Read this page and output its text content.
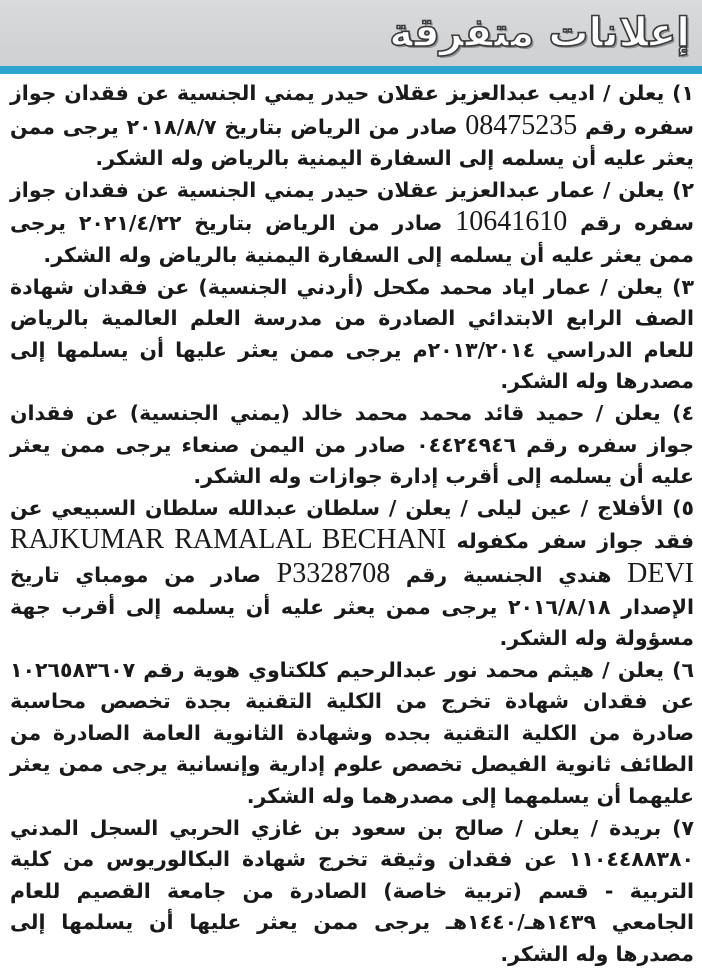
إعلانات متفرقة

١) يعلن / اديب عبدالعزيز عقلان حيدر يمني الجنسية عن فقدان جواز سفره رقم 08475235 صادر من الرياض بتاريخ ٢٠١٨/٨/٧ يرجى ممن يعثر عليه أن يسلمه إلى السفارة اليمنية بالرياض وله الشكر.

٢) يعلن / عمار عبدالعزيز عقلان حيدر يمني الجنسية عن فقدان جواز سفره رقم 10641610 صادر من الرياض بتاريخ ٢٠٢١/٤/٢٢ يرجى ممن يعثر عليه أن يسلمه إلى السفارة اليمنية بالرياض وله الشكر.

٣) يعلن / عمار اياد محمد مكحل (أردني الجنسية) عن فقدان شهادة الصف الرابع الابتدائي الصادرة من مدرسة العلم العالمية بالرياض للعام الدراسي ٢٠١٣/٢٠١٤م يرجى ممن يعثر عليها أن يسلمها إلى مصدرها وله الشكر.

٤) يعلن / حميد قائد محمد محمد خالد (يمني الجنسية) عن فقدان جواز سفره رقم ٠٤٤٢٤٩٤٦ صادر من اليمن صنعاء يرجى ممن يعثر عليه أن يسلمه إلى أقرب إدارة جوازات وله الشكر.

٥) الأفلاج / عين ليلى / يعلن / سلطان عبدالله سلطان السبيعي عن فقد جواز سفر مكفوله RAJKUMAR RAMALAL BECHANI DEVI هندي الجنسية رقم P3328708 صادر من مومباي تاريخ الإصدار ٢٠١٦/٨/١٨ يرجى ممن يعثر عليه أن يسلمه إلى أقرب جهة مسؤولة وله الشكر.

٦) يعلن / هيثم محمد نور عبدالرحيم كلكتاوي هوية رقم ١٠٢٦٥٨٣٦٠٧ عن فقدان شهادة تخرج من الكلية التقنية بجدة تخصص محاسبة صادرة من الكلية التقنية بجده وشهادة الثانوية العامة الصادرة من الطائف ثانوية الفيصل تخصص علوم إدارية وإنسانية يرجى ممن يعثر عليهما أن يسلمهما إلى مصدرهما وله الشكر.

٧) بريدة / يعلن / صالح بن سعود بن غازي الحربي السجل المدني ١١٠٤٤٨٨٣٨٠ عن فقدان وثيقة تخرج شهادة البكالوريوس من كلية التربية - قسم (تربية خاصة) الصادرة من جامعة القصيم للعام الجامعي ١٤٣٩هـ/١٤٤٠هـ يرجى ممن يعثر عليها أن يسلمها إلى مصدرها وله الشكر.
